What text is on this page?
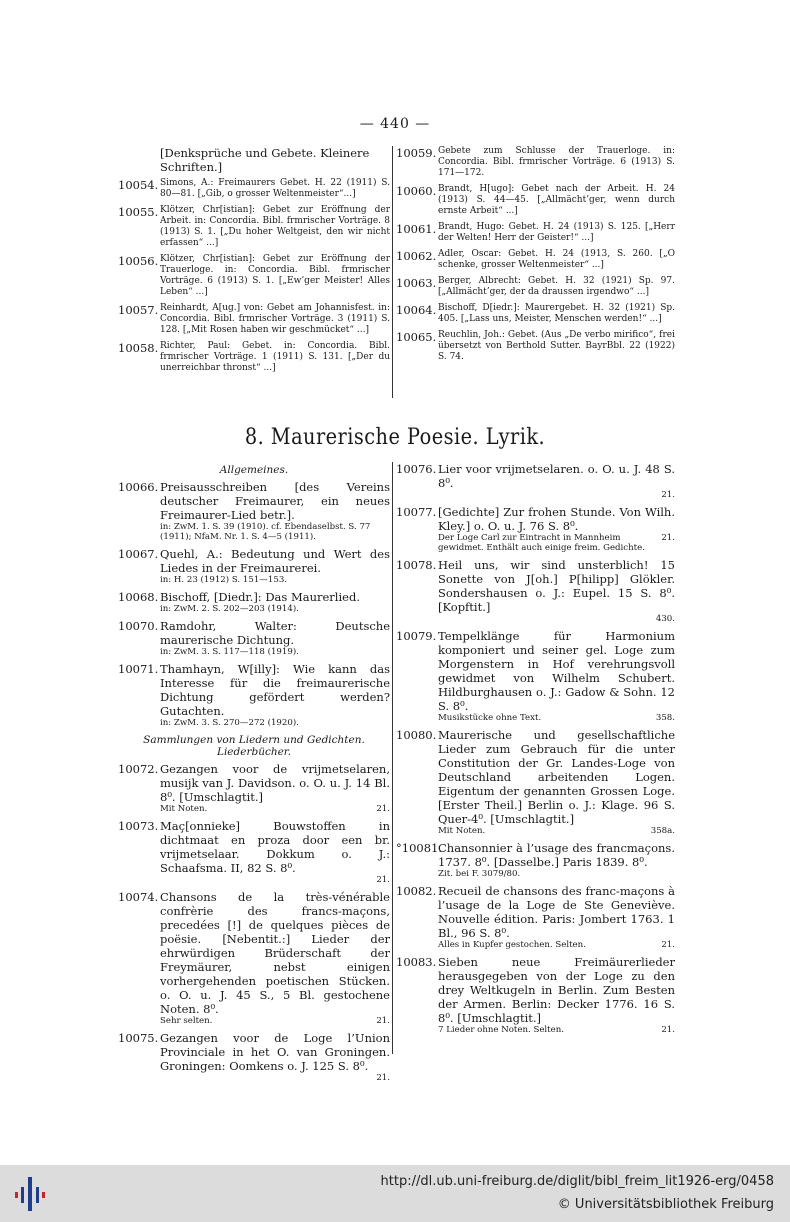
— 440 —
[Denksprüche und Gebete. Kleinere Schriften.]
10054. Simons, A.: Freimaurers Gebet. H. 22 (1911) S. 80—81. [„Gib, o grosser Weltenmeister“...]
10055. Klötzer, Chr[istian]: Gebet zur Eröffnung der Arbeit. in: Concordia. Bibl. frmrischer Vorträge. 8 (1913) S. 1. [„Du hoher Weltgeist, den wir nicht erfassen“ ...]
10056. Klötzer, Chr[istian]: Gebet zur Eröffnung der Trauerloge. in: Concordia. Bibl. frmrischer Vorträge. 6 (1913) S. 1. [„Ew’ger Meister! Alles Leben“ ...]
10057. Reinhardt, A[ug.] von: Gebet am Johannisfest. in: Concordia. Bibl. frmrischer Vorträge. 3 (1911) S. 128. [„Mit Rosen haben wir geschmücket“ ...]
10058. Richter, Paul: Gebet. in: Concordia. Bibl. frmrischer Vorträge. 1 (1911) S. 131. [„Der du unerreichbar thronst“ ...]
10059. Gebete zum Schlusse der Trauerloge. in: Concordia. Bibl. frmrischer Vorträge. 6 (1913) S. 171—172.
10060. Brandt, H[ugo]: Gebet nach der Arbeit. H. 24 (1913) S. 44—45. [„Allmächt’ger, wenn durch ernste Arbeit“ ...]
10061. Brandt, Hugo: Gebet. H. 24 (1913) S. 125. [„Herr der Welten! Herr der Geister!“ ...]
10062. Adler, Oscar: Gebet. H. 24 (1913, S. 260. [„O schenke, grosser Weltenmeister“ ...]
10063. Berger, Albrecht: Gebet. H. 32 (1921) Sp. 97. [„Allmächt’ger, der da draussen irgendwo“ ...]
10064. Bischoff, D[iedr.]: Maurergebet. H. 32 (1921) Sp. 405. [„Lass uns, Meister, Menschen werden!“ ...]
10065. Reuchlin, Joh.: Gebet. (Aus „De verbo mirifico“, frei übersetzt von Berthold Sutter. BayrBbl. 22 (1922) S. 74.
8. Maurerische Poesie. Lyrik.
Allgemeines.
10066. Preisausschreiben [des Vereins deutscher Freimaurer, ein neues Freimaurer-Lied betr.].
in: ZwM. 1. S. 39 (1910). cf. Ebendaselbst. S. 77 (1911); NfaM. Nr. 1. S. 4—5 (1911).
10067. Quehl, A.: Bedeutung und Wert des Liedes in der Freimaurerei.
in: H. 23 (1912) S. 151—153.
10068. Bischoff, [Diedr.]: Das Maurerlied.
in: ZwM. 2. S. 202—203 (1914).
10070. Ramdohr, Walter: Deutsche maurerische Dichtung.
in: ZwM. 3. S. 117—118 (1919).
10071. Thamhayn, W[illy]: Wie kann das Interesse für die freimaurerische Dichtung gefördert werden? Gutachten.
in: ZwM. 3. S. 270—272 (1920).
Sammlungen von Liedern und Gedichten. Liederbücher.
10072. Gezangen voor de vrijmetselaren, musijk van J. Davidson. o. O. u. J. 14 Bl. 8⁰. [Umschlagtit.]
21.
Mit Noten.
10073. Maç[onnieke] Bouwstoffen in dichtmaat en proza door een br. vrijmetselaar. Dokkum o. J.: Schaafsma. II, 82 S. 8⁰.
21.
10074. Chansons de la très-vénérable confrèrie des francs-maçons, precedées [!] de quelques pièces de poësie. [Nebentit.:] Lieder der ehrwürdigen Brüderschaft der Freymäurer, nebst einigen vorhergehenden poetischen Stücken. o. O. u. J. 45 S., 5 Bl. gestochene Noten. 8⁰.
21.
Sehr selten.
10075. Gezangen voor de Loge l’Union Provinciale in het O. van Groningen. Groningen: Oomkens o. J. 125 S. 8⁰.
21.
10076. Lier voor vrijmetselaren. o. O. u. J. 48 S. 8⁰.
21.
10077. [Gedichte] Zur frohen Stunde. Von Wilh. Kley.] o. O. u. J. 76 S. 8⁰.
21.
Der Loge Carl zur Eintracht in Mannheim gewidmet. Enthält auch einige freim. Gedichte.
10078. Heil uns, wir sind unsterblich! 15 Sonette von J[oh.] P[hilipp] Glökler. Sondershausen o. J.: Eupel. 15 S. 8⁰. [Kopftit.]
430.
10079. Tempelklänge für Harmonium komponiert und seiner gel. Loge zum Morgenstern in Hof verehrungsvoll gewidmet von Wilhelm Schubert. Hildburghausen o. J.: Gadow & Sohn. 12 S. 8⁰.
358.
Musikstücke ohne Text.
10080. Maurerische und gesellschaftliche Lieder zum Gebrauch für die unter Constitution der Gr. Landes-Loge von Deutschland arbeitenden Logen. Eigentum der genannten Grossen Loge. [Erster Theil.] Berlin o. J.: Klage. 96 S. Quer-4⁰. [Umschlagtit.]
358a.
Mit Noten.
°10081.
Chansonnier à l’usage des francmaçons. 1737. 8⁰. [Dasselbe.] Paris 1839. 8⁰.
Zit. bei F. 3079/80.
10082. Recueil de chansons des franc-maçons à l’usage de la Loge de Ste Geneviève. Nouvelle édition. Paris: Jombert 1763. 1 Bl., 96 S. 8⁰.
21.
Alles in Kupfer gestochen. Selten.
10083. Sieben neue Freimäurerlieder herausgegeben von der Loge zu den drey Weltkugeln in Berlin. Zum Besten der Armen. Berlin: Decker 1776. 16 S. 8⁰. [Umschlagtit.]
21.
7 Lieder ohne Noten. Selten.
http://dl.ub.uni-freiburg.de/diglit/bibl_freim_lit1926-erg/0458
© Universitätsbibliothek Freiburg
